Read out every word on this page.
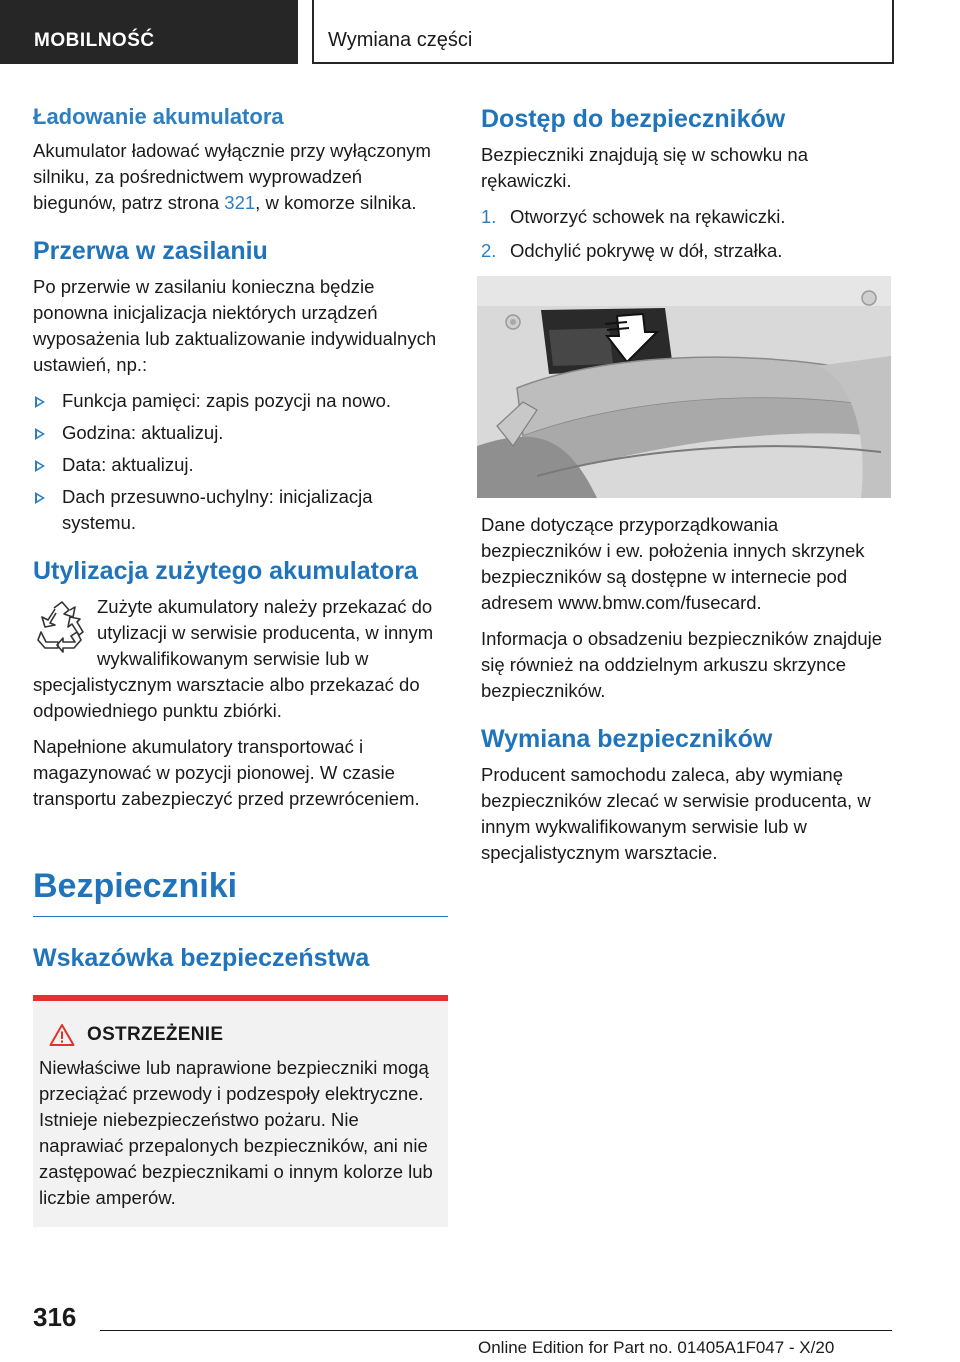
MOBILNOŚĆ	Wymiana części
Ładowanie akumulatora

Akumulator ładować wyłącznie przy wyłączonym silniku, za pośrednictwem wyprowadzeń biegunów, patrz strona 321, w komorze silnika.

Przerwa w zasilaniu

Po przerwie w zasilaniu konieczna będzie ponowna inicjalizacja niektórych urządzeń wyposażenia lub zaktualizowanie indywidualnych ustawień, np.:

Funkcja pamięci: zapis pozycji na nowo.
Godzina: aktualizuj.
Data: aktualizuj.
Dach przesuwno-uchylny: inicjalizacja systemu.
Utylizacja zużytego akumulatora

Zużyte akumulatory należy przekazać do utylizacji w serwisie producenta, w innym wykwalifikowanym serwisie lub w specjalistycznym warsztacie albo przekazać do odpowiedniego punktu zbiórki.

Napełnione akumulatory transportować i magazynować w pozycji pionowej. W czasie transportu zabezpieczyć przed przewróceniem.

Bezpieczniki
Wskazówka bezpieczeństwa
OSTRZEŻENIE

Niewłaściwe lub naprawione bezpieczniki mogą przeciążać przewody i podzespoły elektryczne. Istnieje niebezpieczeństwo pożaru. Nie naprawiać przepalonych bezpieczników, ani nie zastępować bezpiecznikami o innym kolorze lub liczbie amperów.

Dostęp do bezpieczników

Bezpieczniki znajdują się w schowku na rękawiczki.

1. Otworzyć schowek na rękawiczki.
2. Odchylić pokrywę w dół, strzałka.

Dane dotyczące przyporządkowania bezpieczników i ew. położenia innych skrzynek bezpieczników są dostępne w internecie pod adresem www.bmw.com/fusecard.

Informacja o obsadzeniu bezpieczników znajduje się również na oddzielnym arkuszu skrzynce bezpieczników.

Wymiana bezpieczników

Producent samochodu zaleca, aby wymianę bezpieczników zlecać w serwisie producenta, w innym wykwalifikowanym serwisie lub w specjalistycznym warsztacie.

316
Online Edition for Part no. 01405A1F047 - X/20
